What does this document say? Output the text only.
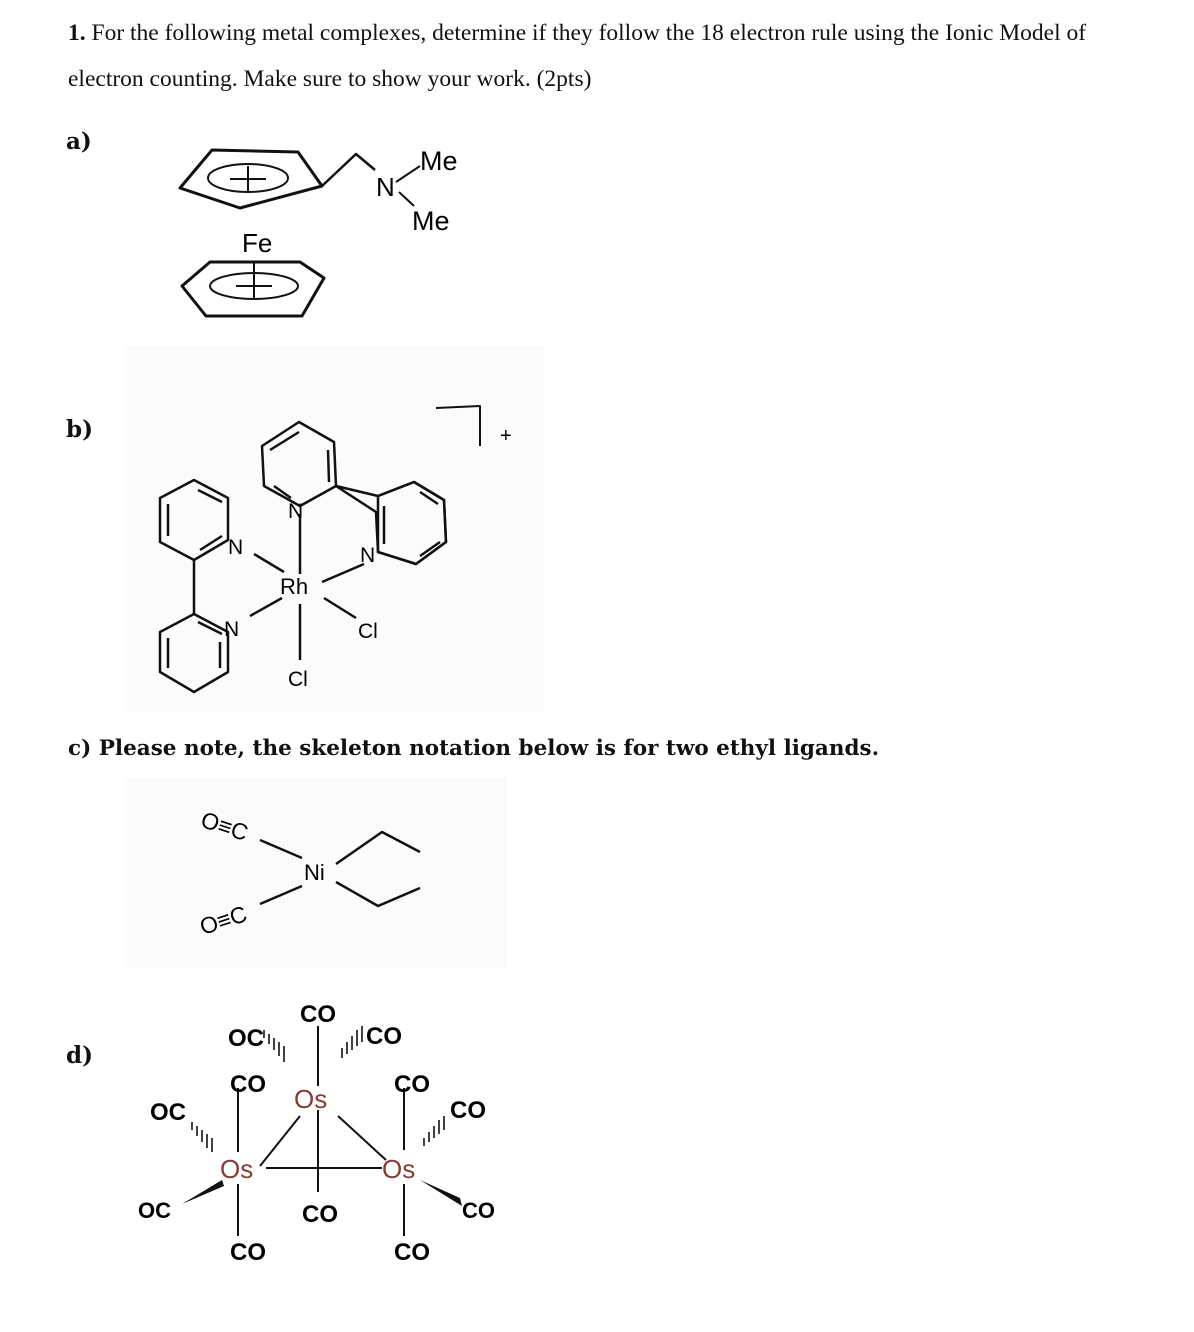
1. For the following metal complexes, determine if they follow the 18 electron rule using the Ionic Model of electron counting. Make sure to show your work. (2pts)

a)
Fe
N
Me
Me
b)
N
N
N
N
Rh
Cl
Cl
+
c) Please note, the skeleton notation below is for two ethyl ligands.
O≡C
O≡C
Ni
d)
Os
Os	Os
CO
OC	CO
CO
OC
OC
CO
CO
CO
CO
CO
CO
